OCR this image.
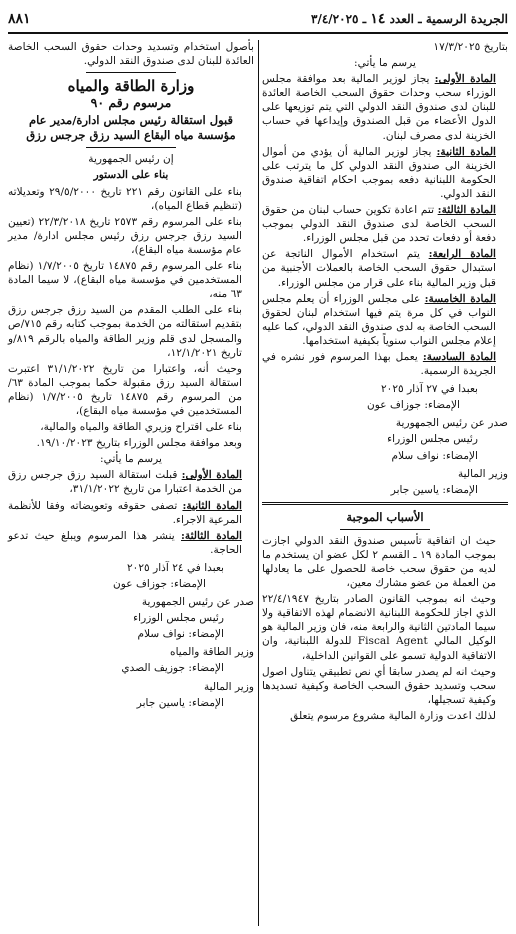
الجريدة الرسمية ـ العدد ١٤ ـ ٣/٤/٢٠٢٥
٨٨١

بتاريخ ١٧/٣/٢٠٢٥

يرسم ما يأتي:

المادة الأولى: يجاز لوزير المالية بعد موافقة مجلس الوزراء سحب وحدات حقوق السحب الخاصة العائدة للبنان لدى صندوق النقد الدولي التي يتم توزيعها على الدول الأعضاء من قبل الصندوق وإيداعها في حساب الخزينة لدى مصرف لبنان.

المادة الثانية: يجاز لوزير المالية أن يؤدي من أموال الخزينة الى صندوق النقد الدولي كل ما يترتب على الحكومة اللبنانية دفعه بموجب احكام اتفاقية صندوق النقد الدولي.

المادة الثالثة: تتم اعادة تكوين حساب لبنان من حقوق السحب الخاصة لدى صندوق النقد الدولي بموجب دفعة أو دفعات تحدد من قبل مجلس الوزراء.

المادة الرابعة: يتم استخدام الأموال الناتجة عن استبدال حقوق السحب الخاصة بالعملات الأجنبية من قبل وزير المالية بناء على قرار من مجلس الوزراء.

المادة الخامسة: على مجلس الوزراء أن يعلم مجلس النواب في كل مرة يتم فيها استخدام لبنان لحقوق السحب الخاصة به لدى صندوق النقد الدولي، كما عليه إعلام مجلس النواب سنوياً بكيفية استخدامها.

المادة السادسة: يعمل بهذا المرسوم فور نشره في الجريدة الرسمية.

بعبدا في ٢٧ آذار ٢٠٢٥

الإمضاء: جوزاف عون

صدر عن رئيس الجمهورية

رئيس مجلس الوزراء

الإمضاء: نواف سلام

وزير المالية

الإمضاء: ياسين جابر

الأسباب الموجبة

حيث ان اتفاقية تأسيس صندوق النقد الدولي اجازت بموجب المادة ١٩ ـ القسم ٢ لكل عضو ان يستخدم ما لديه من حقوق سحب خاصة للحصول على ما يعادلها من العملة من عضو مشارك معين،

وحيث انه بموجب القانون الصادر بتاريخ ٢٢/٤/١٩٤٧ الذي اجاز للحكومة اللبنانية الانضمام لهذه الاتفاقية ولا سيما المادتين الثانية والرابعة منه، فان وزير المالية هو الوكيل المالي Fiscal Agent للدولة اللبنانية، وان الاتفاقية الدولية تسمو على القوانين الداخلية،

وحيث انه لم يصدر سابقا أي نص تطبيقي يتناول اصول سحب وتسديد حقوق السحب الخاصة وكيفية تسديدها وكيفية تسجيلها،

لذلك اعدت وزارة المالية مشروع مرسوم يتعلق

بأصول استخدام وتسديد وحدات حقوق السحب الخاصة العائدة للبنان لدى صندوق النقد الدولي.

وزارة الطاقة والمياه

مرسوم رقم ٩٠

قبول استقالة رئيس مجلس ادارة/مدير عام مؤسسة مياه البقاع السيد رزق جرجس رزق

إن رئيس الجمهورية

بناء على الدستور

بناء على القانون رقم ٢٢١ تاريخ ٢٩/٥/٢٠٠٠ وتعديلاته (تنظيم قطاع المياه)،

بناء على المرسوم رقم ٢٥٧٣ تاريخ ٢٢/٣/٢٠١٨ (تعيين السيد رزق جرجس رزق رئيس مجلس ادارة/ مدير عام مؤسسة مياه البقاع)،

بناء على المرسوم رقم ١٤٨٧٥ تاريخ ١/٧/٢٠٠٥ (نظام المستخدمين في مؤسسة مياه البقاع)، لا سيما المادة ٦٣ منه،

بناء على الطلب المقدم من السيد رزق جرجس رزق بتقديم استقالته من الخدمة بموجب كتابه رقم ٧١٥/ص والمسجل لدى قلم وزير الطاقة والمياه بالرقم ٨١٩/و تاريخ ١٢/١/٢٠٢١،

وحيث أنه، واعتبارا من تاريخ ٣١/١/٢٠٢٢ اعتبرت استقالة السيد رزق مقبولة حكما بموجب المادة ٦٣/ من المرسوم رقم ١٤٨٧٥ تاريخ ١/٧/٢٠٠٥ (نظام المستخدمين في مؤسسة مياه البقاع)،

بناء على اقتراح وزيري الطاقة والمياه والمالية،

وبعد موافقة مجلس الوزراء بتاريخ ١٩/١٠/٢٠٢٣.

يرسم ما يأتي:

المادة الأولى: قبلت استقالة السيد رزق جرجس رزق من الخدمة اعتبارا من تاريخ ٣١/١/٢٠٢٢،

المادة الثانية: تصفى حقوقه وتعويضاته وفقا للأنظمة المرعية الاجراء.

المادة الثالثة: ينشر هذا المرسوم ويبلغ حيث تدعو الحاجة.

بعبدا في ٢٤ آذار ٢٠٢٥

الإمضاء: جوزاف عون

صدر عن رئيس الجمهورية

رئيس مجلس الوزراء

الإمضاء: نواف سلام

وزير الطاقة والمياه

الإمضاء: جوزيف الصدي

وزير المالية

الإمضاء: ياسين جابر
